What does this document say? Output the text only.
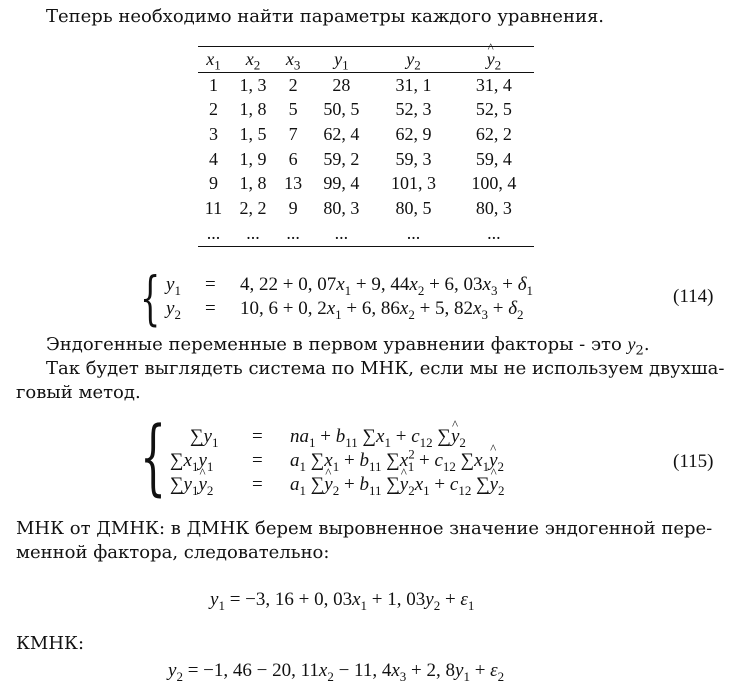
Теперь необходимо найти параметры каждого уравнения.
$x_1$	$x_2$	$x_3$	$y_1$	$y_2$	^ $y_2$
1	1, 3	2	28	31, 1	31, 4
2	1, 8	5	50, 5	52, 3	52, 5
3	1, 5	7	62, 4	62, 9	62, 2
4	1, 9	6	59, 2	59, 3	59, 4
9	1, 8	13	99, 4	101, 3	100, 4
11	2, 2	9	80, 3	80, 5	80, 3
...	...	...	...	...	...
{ $y_1 = 4$, 22 + 0, $07x_1 + 9$, $44x_2 + 6$, $03x_3 + \delta_1$
$y_2 = 10$, 6 + 0, $2x_1 + 6$, $86x_2 + 5$, $82x_3 + \delta_2$
(114)
Эндогенные переменные в первом уравнении факторы - это $y_2$.
Так будет выглядеть система по МНК, если мы не используем двухша-
говый метод.
{ $\sum y_1 = na_1 + b_{11}$ $\sum x_1 + c_{12}$ ∑^ $y_2$
$\sum x_1y_1 = a_1$ $\sum x_1 + b_{11}$ $\sum x^2_1 + c_{12}$ $\sum x_1\^{}$ $y_2$
$\sum y_1\^{}$ $y_2 = a_1$ ∑^ $y_2 + b_{11}$ ∑^ $y_2x_1 + c_{12}$ ∑^ $y_2$
(115)
МНК от ДМНК: в ДМНК берем выровненное значение эндогенной пере-
менной фактора, следовательно:
$y_1 = -3$, 16 + 0, $03x_1 + 1$, $03y_2 + \varepsilon_1$
КМНК:
$y_2 = -1$, 46 − 20, $11x_2 - 11$, $4x_3 + 2$, $8y_1 + \varepsilon_2$
